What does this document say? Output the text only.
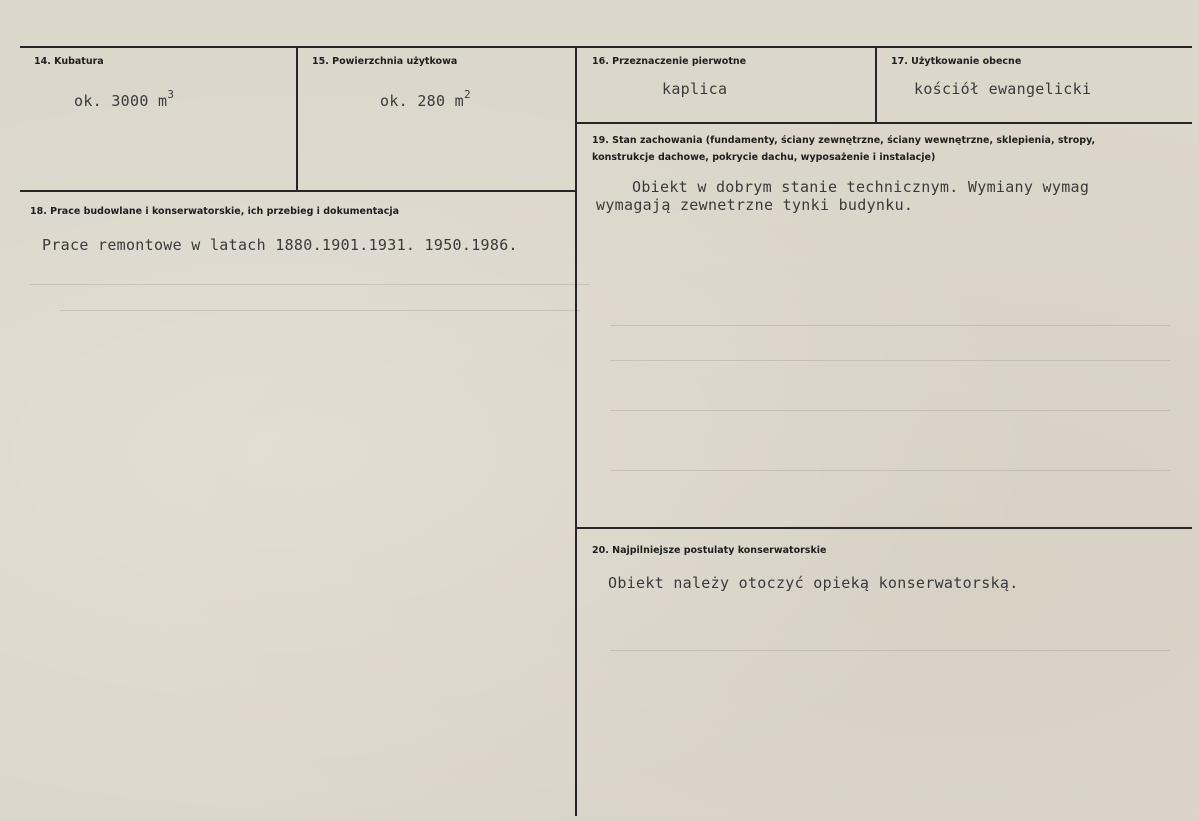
14. Kubatura
ok. 3000 $m^3$
15. Powierzchnia użytkowa
ok. 280 $m^2$
16. Przeznaczenie pierwotne
kaplica
17. Użytkowanie obecne
kościół ewangelicki
18. Prace budowlane i konserwatorskie, ich przebieg i dokumentacja
Prace remontowe w latach 1880.1901.1931. 1950.1986.
19. Stan zachowania (fundamenty, ściany zewnętrzne, ściany wewnętrzne, sklepienia, stropy, konstrukcje dachowe, pokrycie dachu, wyposażenie i instalacje)
Obiekt w dobrym stanie technicznym. Wymiany wymag wymagają zewnetrzne tynki budynku.
20. Najpilniejsze postulaty konserwatorskie
Obiekt należy otoczyć opieką konserwatorską.
